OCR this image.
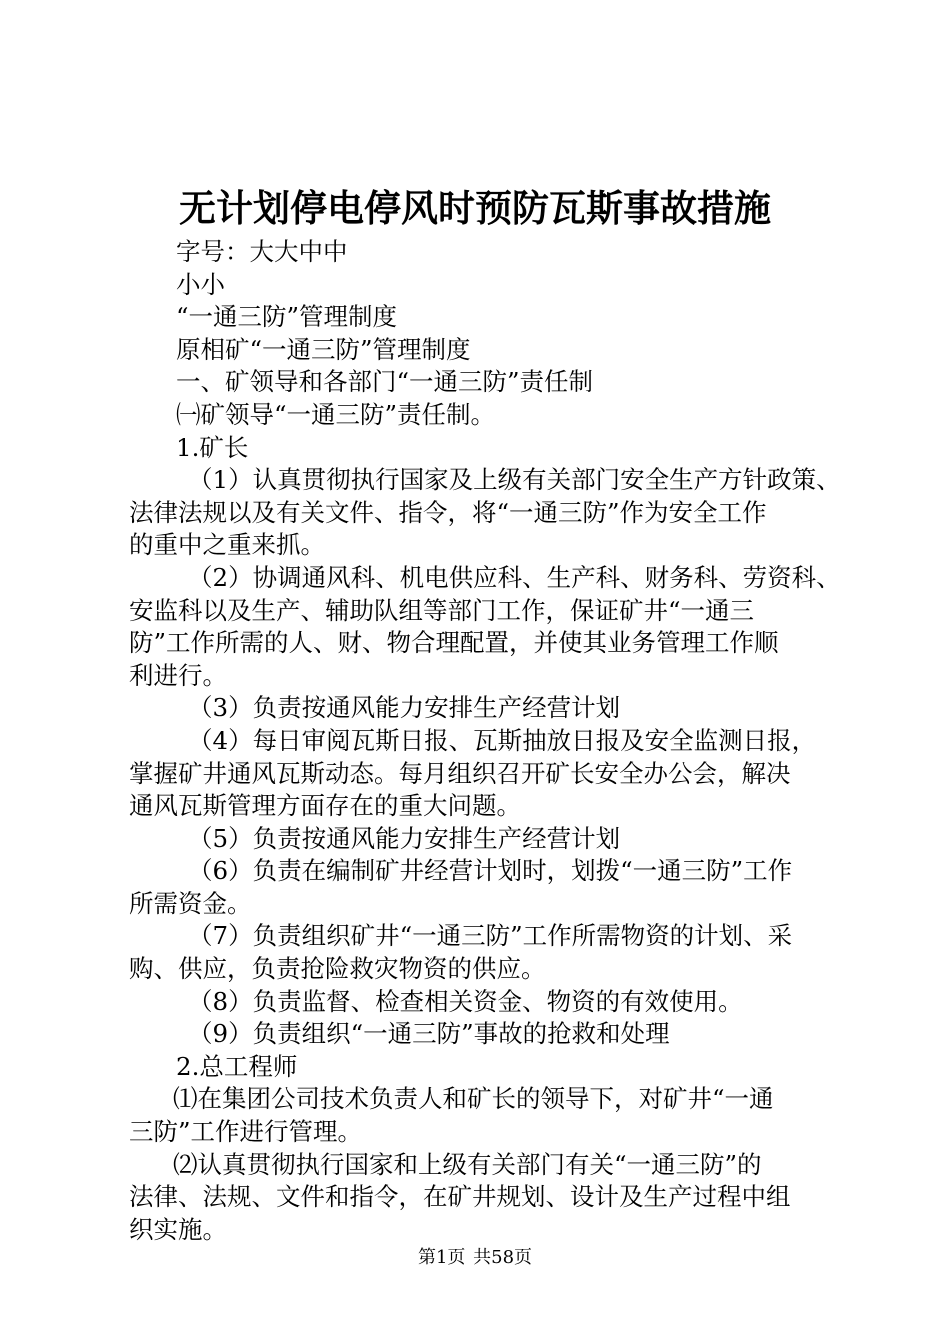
无计划停电停风时预防瓦斯事故措施
字号：大大中中
小小
“一通三防”管理制度
原相矿“一通三防”管理制度
一、矿领导和各部门“一通三防”责任制
㈠矿领导“一通三防”责任制。
1.矿长
（1）认真贯彻执行国家及上级有关部门安全生产方针政策、
法律法规以及有关文件、指令，将“一通三防”作为安全工作
的重中之重来抓。
（2）协调通风科、机电供应科、生产科、财务科、劳资科、
安监科以及生产、辅助队组等部门工作，保证矿井“一通三
防”工作所需的人、财、物合理配置，并使其业务管理工作顺
利进行。
（3）负责按通风能力安排生产经营计划
（4）每日审阅瓦斯日报、瓦斯抽放日报及安全监测日报，
掌握矿井通风瓦斯动态。每月组织召开矿长安全办公会，解决
通风瓦斯管理方面存在的重大问题。
（5）负责按通风能力安排生产经营计划
（6）负责在编制矿井经营计划时，划拨“一通三防”工作
所需资金。
（7）负责组织矿井“一通三防”工作所需物资的计划、采
购、供应，负责抢险救灾物资的供应。
（8）负责监督、检查相关资金、物资的有效使用。
（9）负责组织“一通三防”事故的抢救和处理
2.总工程师
⑴在集团公司技术负责人和矿长的领导下，对矿井“一通
三防”工作进行管理。
⑵认真贯彻执行国家和上级有关部门有关“一通三防”的
法律、法规、文件和指令，在矿井规划、设计及生产过程中组
织实施。
第1页 共58页
